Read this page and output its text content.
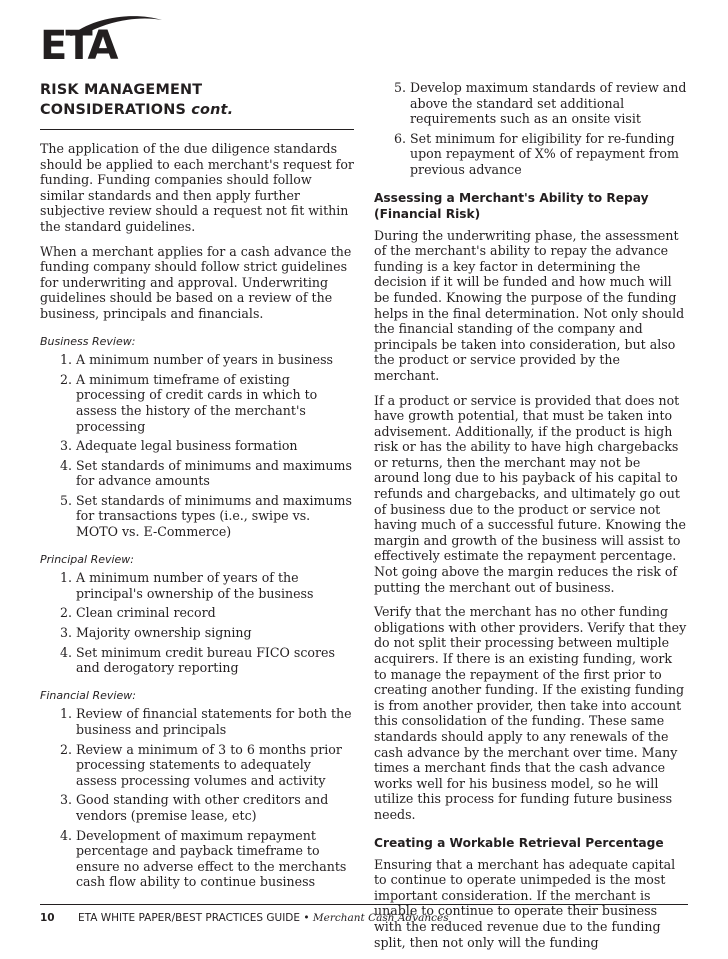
ETA
RISK MANAGEMENT
CONSIDERATIONS cont.

The application of the due diligence standards should be applied to each merchant's request for funding. Funding companies should follow similar standards and then apply further subjective review should a request not fit within the standard guidelines.

When a merchant applies for a cash advance the funding company should follow strict guidelines for underwriting and approval. Underwriting guidelines should be based on a review of the business, principals and financials.

Business Review:
1. A minimum number of years in business
2. A minimum timeframe of existing processing of credit cards in which to assess the history of the merchant's processing
3. Adequate legal business formation
4. Set standards of minimums and maximums for advance amounts
5. Set standards of minimums and maximums for transactions types (i.e., swipe vs. MOTO vs. E-Commerce)
Principal Review:
1. A minimum number of years of the principal's ownership of the business
2. Clean criminal record
3. Majority ownership signing
4. Set minimum credit bureau FICO scores and derogatory reporting
Financial Review:
1. Review of financial statements for both the business and principals
2. Review a minimum of 3 to 6 months prior processing statements to adequately assess processing volumes and activity
3. Good standing with other creditors and vendors (premise lease, etc)
4. Development of maximum repayment percentage and payback timeframe to ensure no adverse effect to the merchants cash flow ability to continue business
5. Develop maximum standards of review and above the standard set additional requirements such as an onsite visit
6. Set minimum for eligibility for re-funding upon repayment of X% of repayment from previous advance
Assessing a Merchant's Ability to Repay (Financial Risk)

During the underwriting phase, the assessment of the merchant's ability to repay the advance funding is a key factor in determining the decision if it will be funded and how much will be funded. Knowing the purpose of the funding helps in the final determination. Not only should the financial standing of the company and principals be taken into consideration, but also the product or service provided by the merchant.

If a product or service is provided that does not have growth potential, that must be taken into advisement. Additionally, if the product is high risk or has the ability to have high chargebacks or returns, then the merchant may not be around long due to his payback of his capital to refunds and chargebacks, and ultimately go out of business due to the product or service not having much of a successful future. Knowing the margin and growth of the business will assist to effectively estimate the repayment percentage. Not going above the margin reduces the risk of putting the merchant out of business.

Verify that the merchant has no other funding obligations with other providers. Verify that they do not split their processing between multiple acquirers. If there is an existing funding, work to manage the repayment of the first prior to creating another funding. If the existing funding is from another provider, then take into account this consolidation of the funding. These same standards should apply to any renewals of the cash advance by the merchant over time. Many times a merchant finds that the cash advance works well for his business model, so he will utilize this process for funding future business needs.

Creating a Workable Retrieval Percentage

Ensuring that a merchant has adequate capital to continue to operate unimpeded is the most important consideration. If the merchant is unable to continue to operate their business with the reduced revenue due to the funding split, then not only will the funding

10 ETA WHITE PAPER/BEST PRACTICES GUIDE • Merchant Cash Advances
